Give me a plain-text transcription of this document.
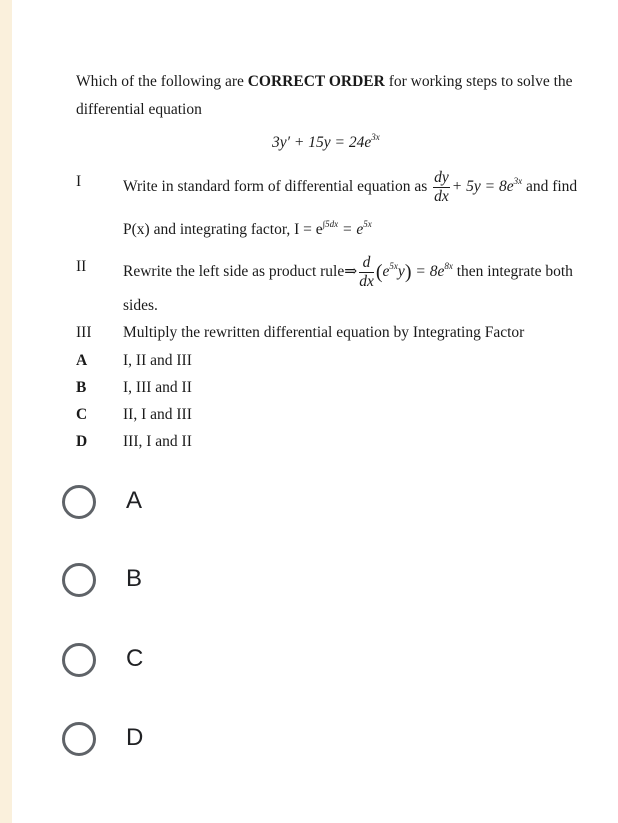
Which of the following are CORRECT ORDER for working steps to solve the
differential equation
$3y' + 15y = 24e^{3x}$
I	Write in standard form of differential equation as $\frac{dy}{dx} + 5y = 8e^{3x}$ and find
P(x) and integrating factor, $I = e^{\int 5dx} = e^{5x}$
II Rewrite the left side as product rule⇒ $\frac{d}{dx} (e^{5x}y) = 8e^{8x}$ then integrate both
sides.
III Multiply the rewritten differential equation by Integrating Factor
A I, II and III
B I, III and II
C II, I and III
D III, I and II
A
B
C
D
